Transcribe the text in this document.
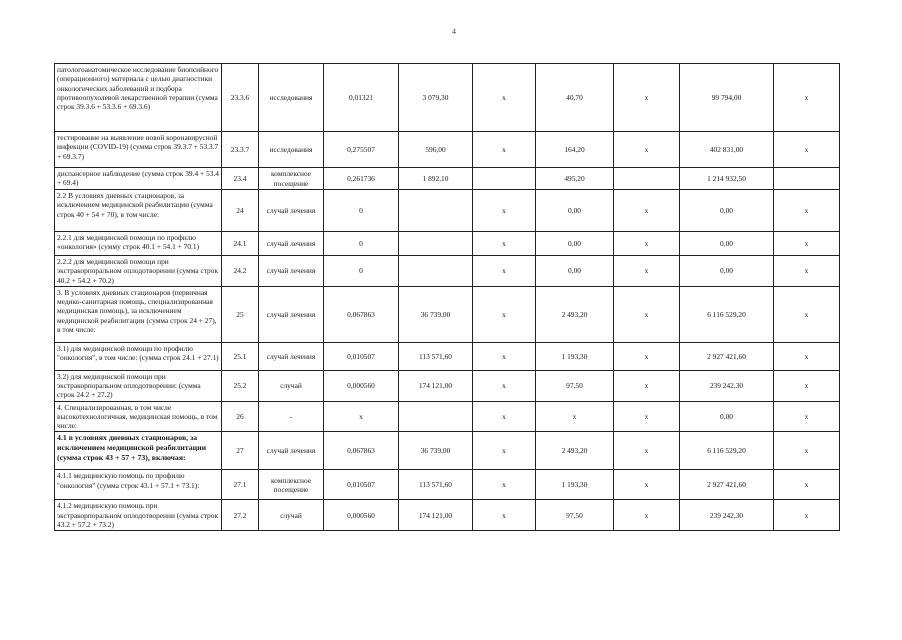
4
патологоанатомическое исследование биопсийного (операционного) материала с целью диагностики онкологических заболеваний и подбора противоопухолевой лекарственной терапии (сумма строк 39.3.6 + 53.3.6 + 69.3.6)	23.3.6	исследования	0,01321	3 079,30	x	40,70	x	99 794,00	x
тестирование на выявление новой коронавирусной инфекции (COVID-19) (сумма строк 39.3.7 + 53.3.7 + 69.3.7)	23.3.7	исследования	0,275507	596,00	x	164,20	x	402 831,00	x
диспансерное наблюдение (сумма строк 39.4 + 53.4 + 69.4)	23.4	комплексное посещение	0,261736	1 892,10		495,20		1 214 932,50	
2.2 В условиях дневных стационаров, за исключением медицинской реабилитации (сумма строк 40 + 54 + 70), в том числе:	24	случай лечения	0		x	0,00	x	0,00	x
2.2.1 для медицинской помощи по профилю «онкология» (сумму строк 40.1 + 54.1 + 70.1)	24.1	случай лечения	0		x	0,00	x	0,00	x
2.2.2 для медицинской помощи при экстракорпоральном оплодотворении (сумма строк 40.2 + 54.2 + 70.2)	24.2	случай лечения	0		x	0,00	x	0,00	x
3. В условиях дневных стационаров (первичная медико-санитарная помощь, специализированная медицинская помощь), за исключением медицинской реабилитации (сумма строк 24 + 27), в том числе:	25	случай лечения	0,067863	36 739,00	x	2 493,20	x	6 116 529,20	x
3.1) для медицинской помощи по профилю "онкология", в том числе: (сумма строк 24.1 + 27.1)	25.1	случай лечения	0,010507	113 571,60	x	1 193,30	x	2 927 421,60	x
3.2) для медицинской помощи при экстракорпоральном оплодотворении: (сумма строк 24.2 + 27.2)	25.2	случай	0,000560	174 121,00	x	97,50	x	239 242,30	x
4. Специализированная, в том числе высокотехнологичная, медицинская помощь, в том числе:	26	-	x		x	x	x	0,00	x
4.1 в условиях дневных стационаров, за исключением медицинской реабилитации (сумма строк 43 + 57 + 73), включая:	27	случай лечения	0,067863	36 739,00	x	2 493,20	x	6 116 529,20	x
4.1.1 медицинскую помощь по профилю "онкология" (сумма строк 43.1 + 57.1 + 73.1):	27.1	комплексное посещение	0,010507	113 571,60	x	1 193,30	x	2 927 421,60	x
4.1.2 медицинскую помощь при экстракорпоральном оплодотворении (сумма строк 43.2 + 57.2 + 73.2)	27.2	случай	0,000560	174 121,00	x	97,50	x	239 242,30	x
